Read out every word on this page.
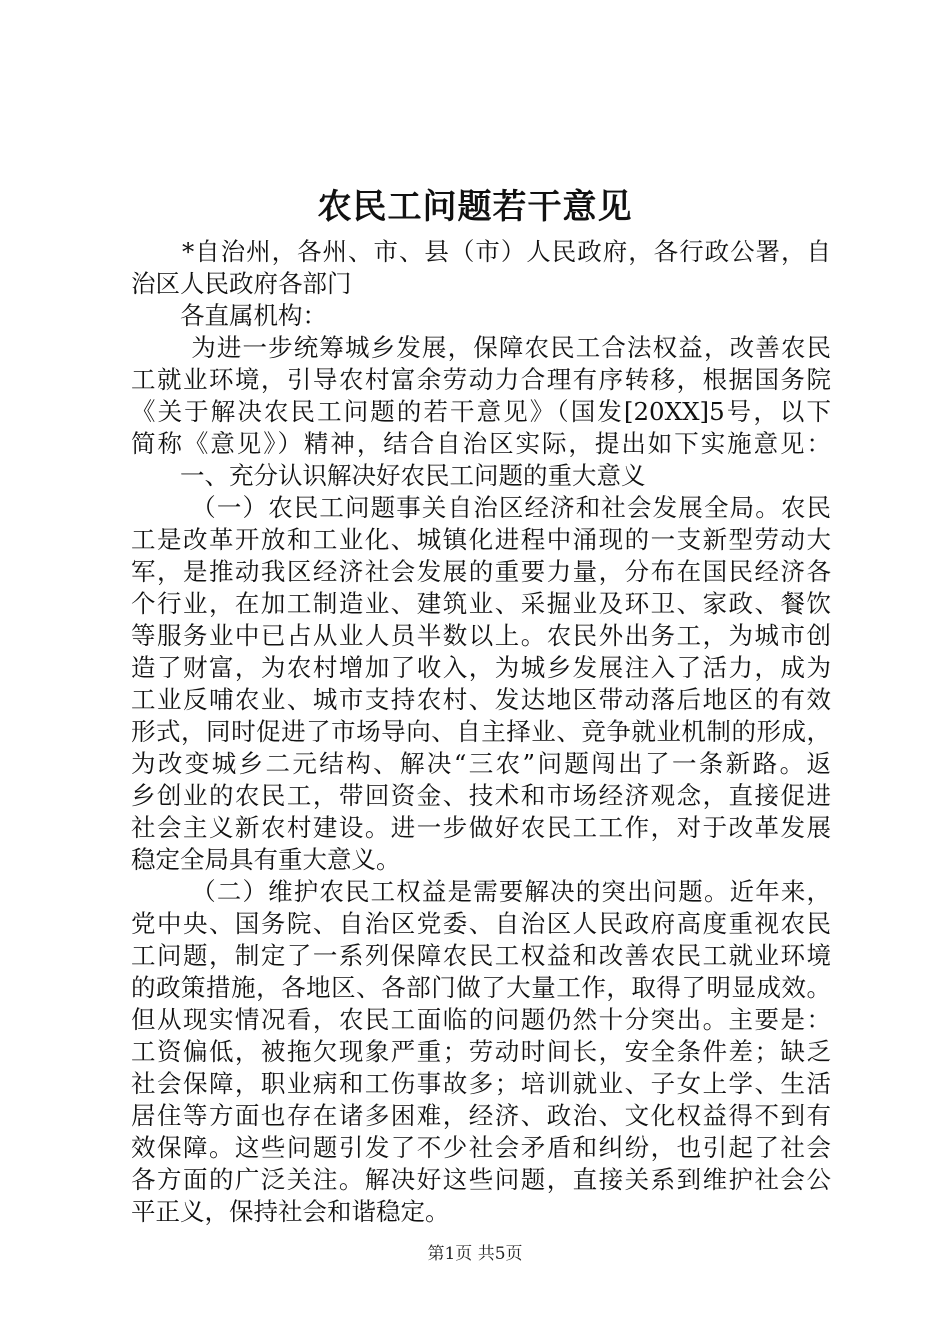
农民工问题若干意见
　　*自治州，各州、市、县（市）人民政府，各行政公署，自
治区人民政府各部门
　　各直属机构：
　　 为进一步统筹城乡发展，保障农民工合法权益，改善农民
工就业环境，引导农村富余劳动力合理有序转移，根据国务院
《关于解决农民工问题的若干意见》（国发[20XX]5号，以下
简称《意见》）精神，结合自治区实际，提出如下实施意见：
　　一、充分认识解决好农民工问题的重大意义
　　 （一）农民工问题事关自治区经济和社会发展全局。农民
工是改革开放和工业化、城镇化进程中涌现的一支新型劳动大
军，是推动我区经济社会发展的重要力量，分布在国民经济各
个行业，在加工制造业、建筑业、采掘业及环卫、家政、餐饮
等服务业中已占从业人员半数以上。农民外出务工，为城市创
造了财富，为农村增加了收入，为城乡发展注入了活力，成为
工业反哺农业、城市支持农村、发达地区带动落后地区的有效
形式，同时促进了市场导向、自主择业、竞争就业机制的形成，
为改变城乡二元结构、解决“三农”问题闯出了一条新路。返
乡创业的农民工，带回资金、技术和市场经济观念，直接促进
社会主义新农村建设。进一步做好农民工工作，对于改革发展
稳定全局具有重大意义。
　　 （二）维护农民工权益是需要解决的突出问题。近年来，
党中央、国务院、自治区党委、自治区人民政府高度重视农民
工问题，制定了一系列保障农民工权益和改善农民工就业环境
的政策措施，各地区、各部门做了大量工作，取得了明显成效。
但从现实情况看，农民工面临的问题仍然十分突出。主要是：
工资偏低，被拖欠现象严重；劳动时间长，安全条件差；缺乏
社会保障，职业病和工伤事故多；培训就业、子女上学、生活
居住等方面也存在诸多困难，经济、政治、文化权益得不到有
效保障。这些问题引发了不少社会矛盾和纠纷，也引起了社会
各方面的广泛关注。解决好这些问题，直接关系到维护社会公
平正义，保持社会和谐稳定。
第1页 共5页
